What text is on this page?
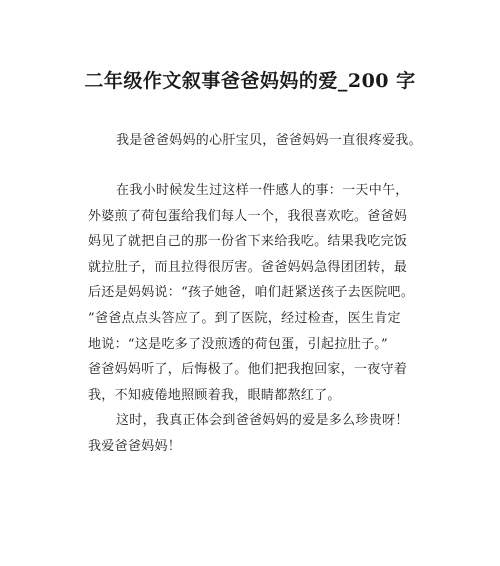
二年级作文叙事爸爸妈妈的爱_200 字
我是爸爸妈妈的心肝宝贝，爸爸妈妈一直很疼爱我。
在我小时候发生过这样一件感人的事：一天中午，
外婆煎了荷包蛋给我们每人一个，我很喜欢吃。爸爸妈
妈见了就把自己的那一份省下来给我吃。结果我吃完饭
就拉肚子，而且拉得很厉害。爸爸妈妈急得团团转，最
后还是妈妈说：“孩子她爸，咱们赶紧送孩子去医院吧。
”爸爸点点头答应了。到了医院，经过检查，医生肯定
地说：“这是吃多了没煎透的荷包蛋，引起拉肚子。”
爸爸妈妈听了，后悔极了。他们把我抱回家，一夜守着
我，不知疲倦地照顾着我，眼睛都熬红了。
这时，我真正体会到爸爸妈妈的爱是多么珍贵呀！
我爱爸爸妈妈！
